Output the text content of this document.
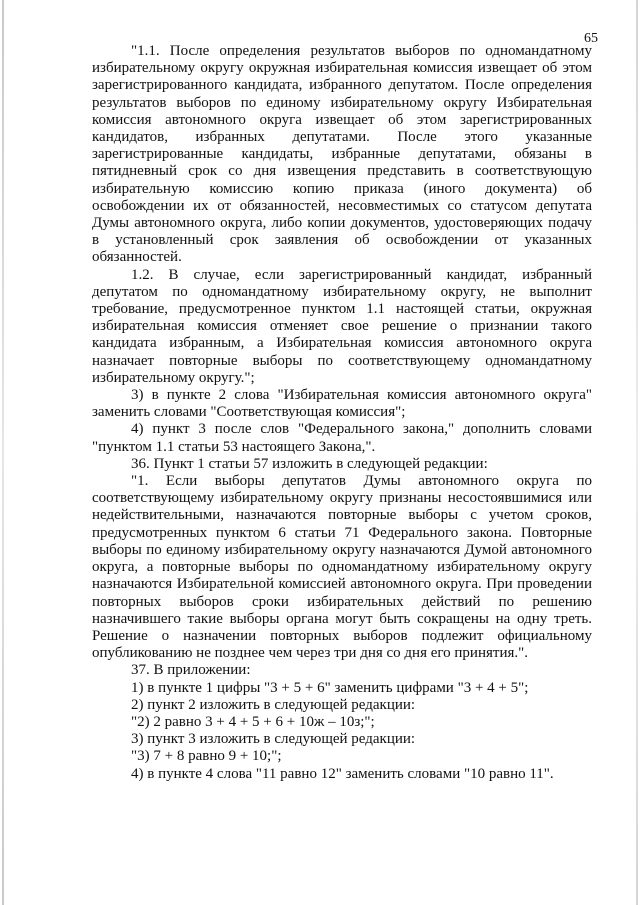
65

"1.1. После определения результатов выборов по одномандатному избирательному округу окружная избирательная комиссия извещает об этом зарегистрированного кандидата, избранного депутатом. После определения результатов выборов по единому избирательному округу Избирательная комиссия автономного округа извещает об этом зарегистрированных кандидатов, избранных депутатами. После этого указанные зарегистрированные кандидаты, избранные депутатами, обязаны в пятидневный срок со дня извещения представить в соответствующую избирательную комиссию копию приказа (иного документа) об освобождении их от обязанностей, несовместимых со статусом депутата Думы автономного округа, либо копии документов, удостоверяющих подачу в установленный срок заявления об освобождении от указанных обязанностей.

1.2. В случае, если зарегистрированный кандидат, избранный депутатом по одномандатному избирательному округу, не выполнит требование, предусмотренное пунктом 1.1 настоящей статьи, окружная избирательная комиссия отменяет свое решение о признании такого кандидата избранным, а Избирательная комиссия автономного округа назначает повторные выборы по соответствующему одномандатному избирательному округу.";

3) в пункте 2 слова "Избирательная комиссия автономного округа" заменить словами "Соответствующая комиссия";

4) пункт 3 после слов "Федерального закона," дополнить словами "пунктом 1.1 статьи 53 настоящего Закона,".

36. Пункт 1 статьи 57 изложить в следующей редакции:

"1. Если выборы депутатов Думы автономного округа по соответствующему избирательному округу признаны несостоявшимися или недействительными, назначаются повторные выборы с учетом сроков, предусмотренных пунктом 6 статьи 71 Федерального закона. Повторные выборы по единому избирательному округу назначаются Думой автономного округа, а повторные выборы по одномандатному избирательному округу назначаются Избирательной комиссией автономного округа. При проведении повторных выборов сроки избирательных действий по решению назначившего такие выборы органа могут быть сокращены на одну треть. Решение о назначении повторных выборов подлежит официальному опубликованию не позднее чем через три дня со дня его принятия.".

37. В приложении:

1) в пункте 1 цифры "3 + 5 + 6" заменить цифрами "3 + 4 + 5";

2) пункт 2 изложить в следующей редакции:

"2) 2 равно 3 + 4 + 5 + 6 + 10ж – 10з;";

3) пункт 3 изложить в следующей редакции:

"3) 7 + 8 равно 9 + 10;";

4) в пункте 4 слова "11 равно 12" заменить словами "10 равно 11".
